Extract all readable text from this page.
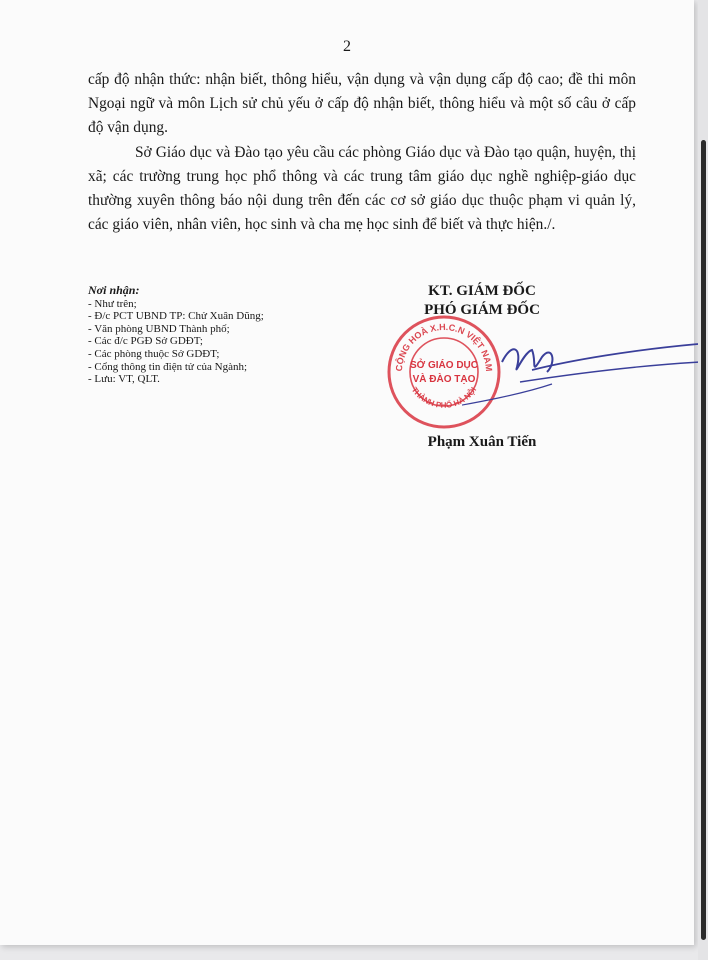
2

cấp độ nhận thức: nhận biết, thông hiểu, vận dụng và vận dụng cấp độ cao; đề thi môn Ngoại ngữ và môn Lịch sử chủ yếu ở cấp độ nhận biết, thông hiểu và một số câu ở cấp độ vận dụng.

Sở Giáo dục và Đào tạo yêu cầu các phòng Giáo dục và Đào tạo quận, huyện, thị xã; các trường trung học phổ thông và các trung tâm giáo dục nghề nghiệp-giáo dục thường xuyên thông báo nội dung trên đến các cơ sở giáo dục thuộc phạm vi quản lý, các giáo viên, nhân viên, học sinh và cha mẹ học sinh để biết và thực hiện./.

Nơi nhận:
- Như trên;
- Đ/c PCT UBND TP: Chử Xuân Dũng;
- Văn phòng UBND Thành phố;
- Các đ/c PGĐ Sở GDĐT;
- Các phòng thuộc Sở GDĐT;
- Cổng thông tin điện tử của Ngành;
- Lưu: VT, QLT.
KT. GIÁM ĐỐC
PHÓ GIÁM ĐỐC
CỘNG HOÀ X.H.C.N VIỆT NAM
THÀNH PHỐ HÀ NỘI
SỞ GIÁO DỤC
VÀ ĐÀO TẠO
Phạm Xuân Tiến
